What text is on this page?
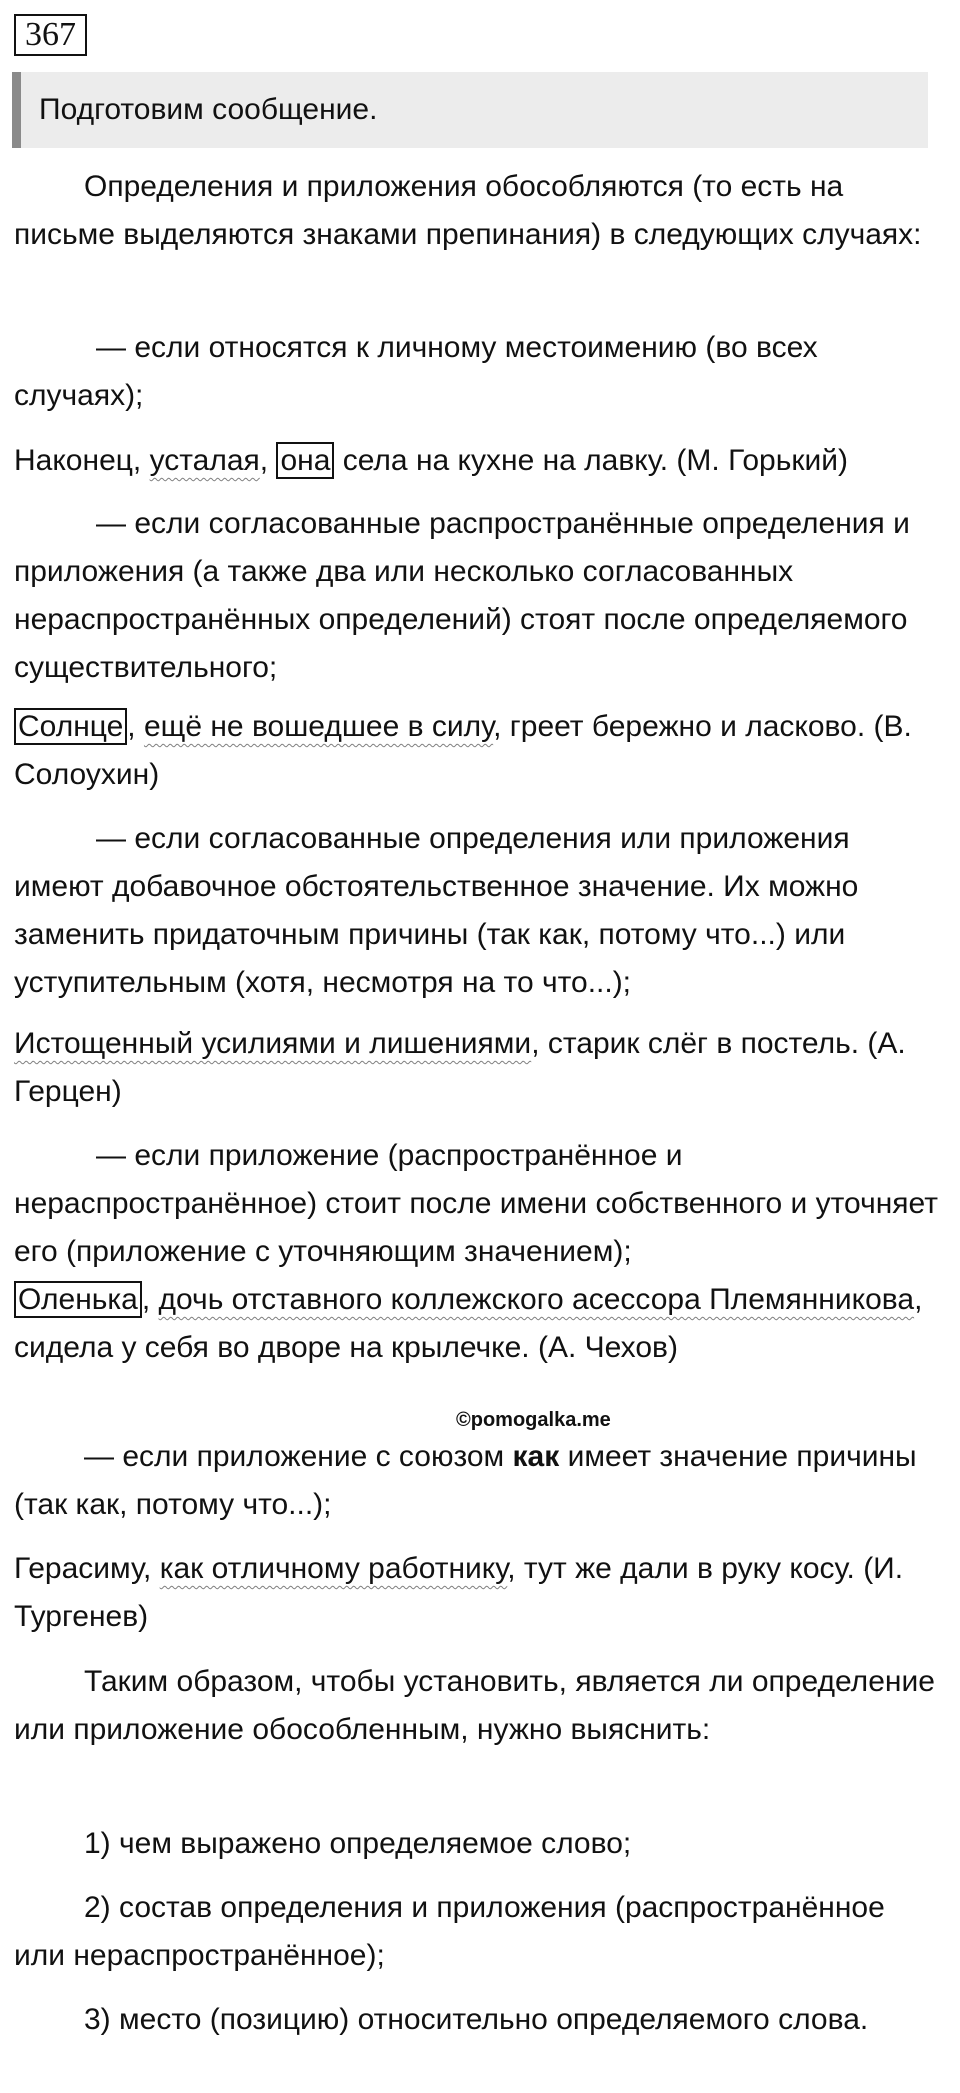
367
Подготовим сообщение.

Определения и приложения обособляются (то есть на письме выделяются знаками препинания) в следующих случаях:

— если относятся к личному местоимению (во всех случаях);

Наконец, усталая, она села на кухне на лавку. (М. Горький)

— если согласованные распространённые определения и приложения (а также два или несколько согласованных нераспространённых определений) стоят после определяемого существительного;

Солнце , ещё не вошедшее в силу, греет бережно и ласково. (В. Солоухин)

— если согласованные определения или приложения имеют добавочное обстоятельственное значение. Их можно заменить придаточным причины (так как, потому что...) или уступительным (хотя, несмотря на то что...);

Истощенный усилиями и лишениями, старик слёг в постель. (А. Герцен)

— если приложение (распространённое и нераспространённое) стоит после имени собственного и уточняет его (приложение с уточняющим значением);

Оленька , дочь отставного коллежского асессора Племянникова, сидела у себя во дворе на крылечке. (А. Чехов)

©pomogalka.me

— если приложение с союзом как имеет значение причины (так как, потому что...);

Герасиму, как отличному работнику, тут же дали в руку косу. (И. Тургенев)

Таким образом, чтобы установить, является ли определение или приложение обособленным, нужно выяснить:

1) чем выражено определяемое слово;

2) состав определения и приложения (распространённое или нераспространённое);

3) место (позицию) относительно определяемого слова.
